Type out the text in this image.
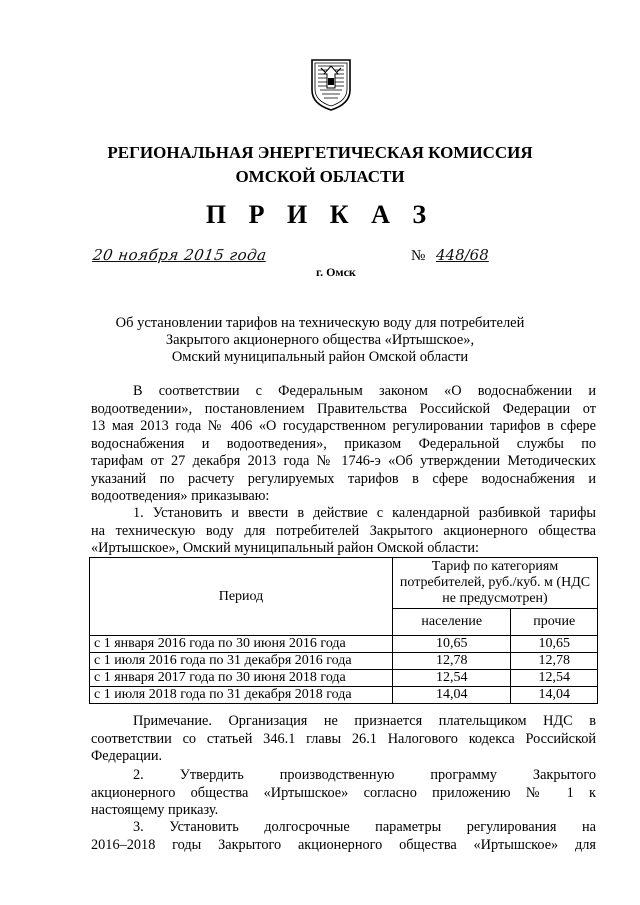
РЕГИОНАЛЬНАЯ ЭНЕРГЕТИЧЕСКАЯ КОМИССИЯ
ОМСКОЙ ОБЛАСТИ
П Р И К А З
20 ноября 2015 года	№ 448/68
г. Омск
Об установлении тарифов на техническую воду для потребителей
Закрытого акционерного общества «Иртышское»,
Омский муниципальный район Омской области
В соответствии с Федеральным законом «О водоснабжении и
водоотведении», постановлением Правительства Российской Федерации от
13 мая 2013 года № 406 «О государственном регулировании тарифов в сфере
водоснабжения и водоотведения», приказом Федеральной службы по
тарифам от 27 декабря 2013 года № 1746-э «Об утверждении Методических
указаний по расчету регулируемых тарифов в сфере водоснабжения и
водоотведения» приказываю:
1. Установить и ввести в действие с календарной разбивкой тарифы
на техническую воду для потребителей Закрытого акционерного общества
«Иртышское», Омский муниципальный район Омской области:
Период	Тариф по категориям потребителей, руб./куб. м (НДС не предусмотрен)	
	население	прочие
с 1 января 2016 года по 30 июня 2016 года	10,65	10,65
с 1 июля 2016 года по 31 декабря 2016 года	12,78	12,78
с 1 января 2017 года по 30 июня 2018 года	12,54	12,54
с 1 июля 2018 года по 31 декабря 2018 года	14,04	14,04
Примечание. Организация не признается плательщиком НДС в
соответствии со статьей 346.1 главы 26.1 Налогового кодекса Российской
Федерации.
2. Утвердить производственную программу Закрытого
акционерного общества «Иртышское» согласно приложению № 1 к
настоящему приказу.
3. Установить долгосрочные параметры регулирования на
2016–2018 годы Закрытого акционерного общества «Иртышское» для
